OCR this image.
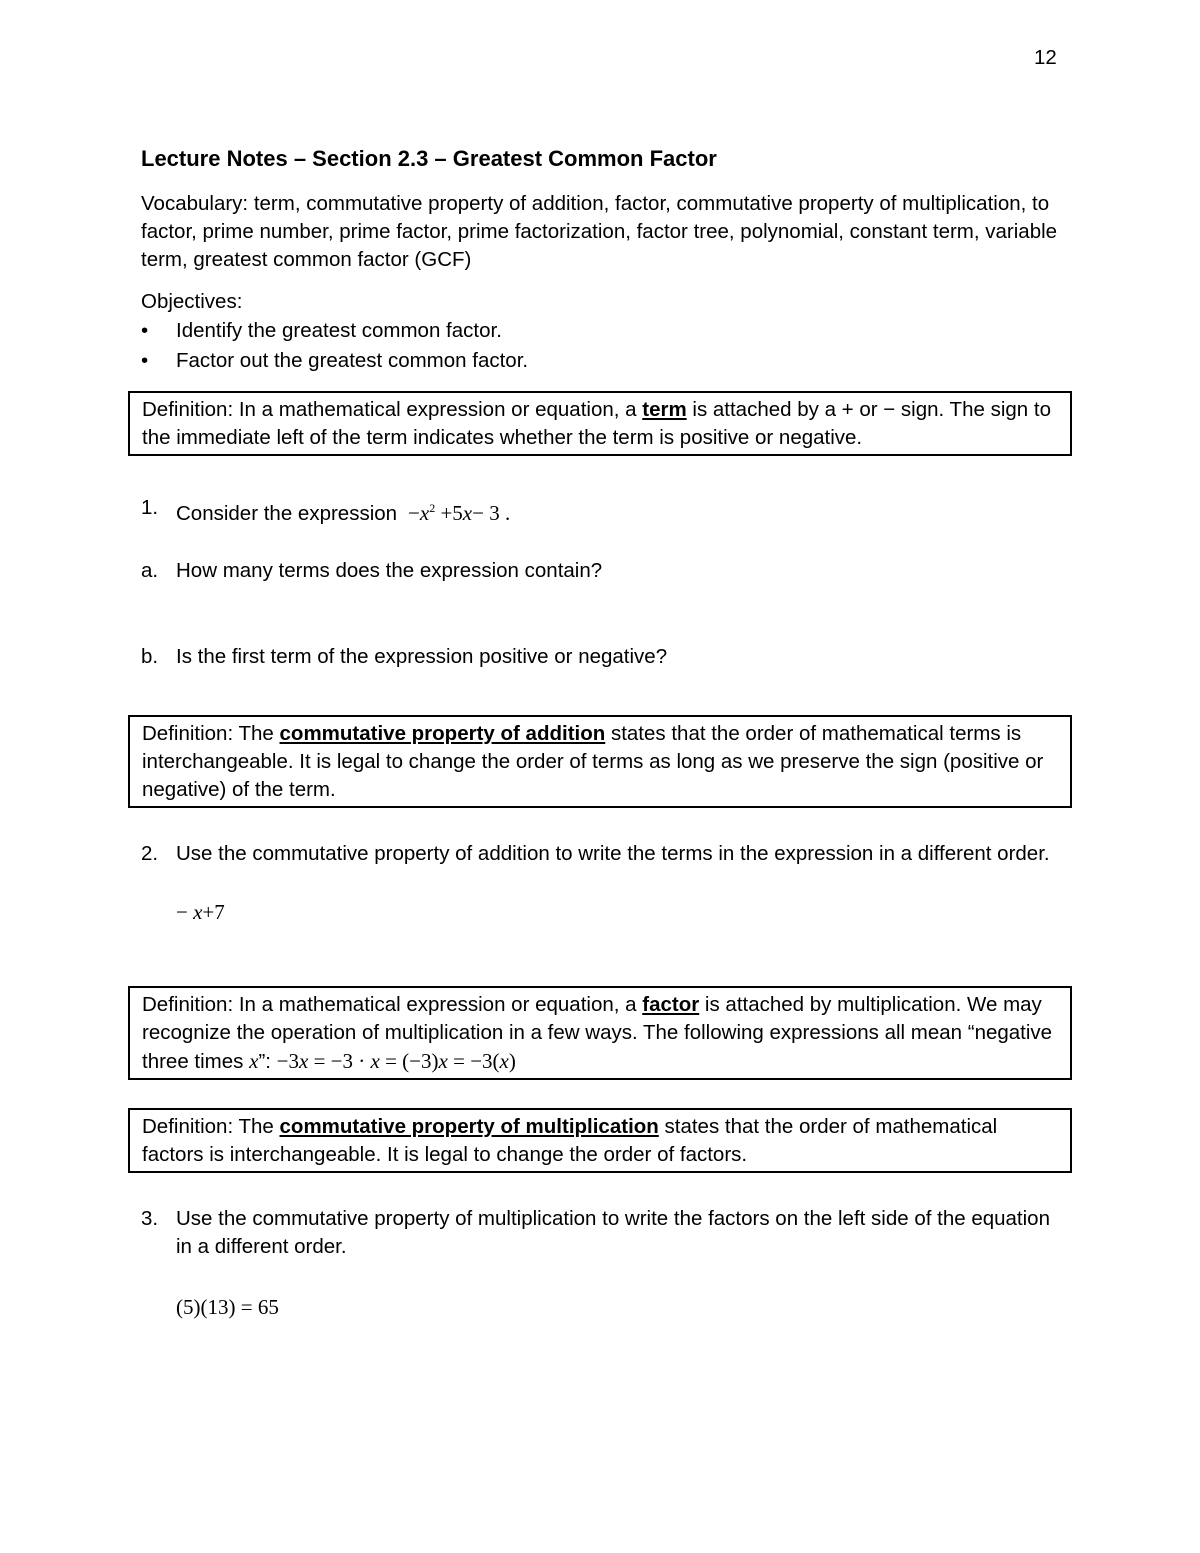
12
Lecture Notes – Section 2.3 – Greatest Common Factor
Vocabulary: term, commutative property of addition, factor, commutative property of multiplication, to factor, prime number, prime factor, prime factorization, factor tree, polynomial, constant term, variable term, greatest common factor (GCF)
Objectives:
• Identify the greatest common factor.
• Factor out the greatest common factor.
Definition: In a mathematical expression or equation, a term is attached by a + or − sign. The sign to the immediate left of the term indicates whether the term is positive or negative.
1. Consider the expression $-x^2 +5x- 3$ .
a. How many terms does the expression contain?
b. Is the first term of the expression positive or negative?
Definition: The commutative property of addition states that the order of mathematical terms is interchangeable. It is legal to change the order of terms as long as we preserve the sign (positive or negative) of the term.
2. Use the commutative property of addition to write the terms in the expression in a different order.
− x+7
Definition: In a mathematical expression or equation, a factor is attached by multiplication. We may recognize the operation of multiplication in a few ways. The following expressions all mean “negative three times x”: −3x = −3 · x = (−3)x = −3(x)
Definition: The commutative property of multiplication states that the order of mathematical factors is interchangeable. It is legal to change the order of factors.
3. Use the commutative property of multiplication to write the factors on the left side of the equation in a different order.
(5)(13) = 65
